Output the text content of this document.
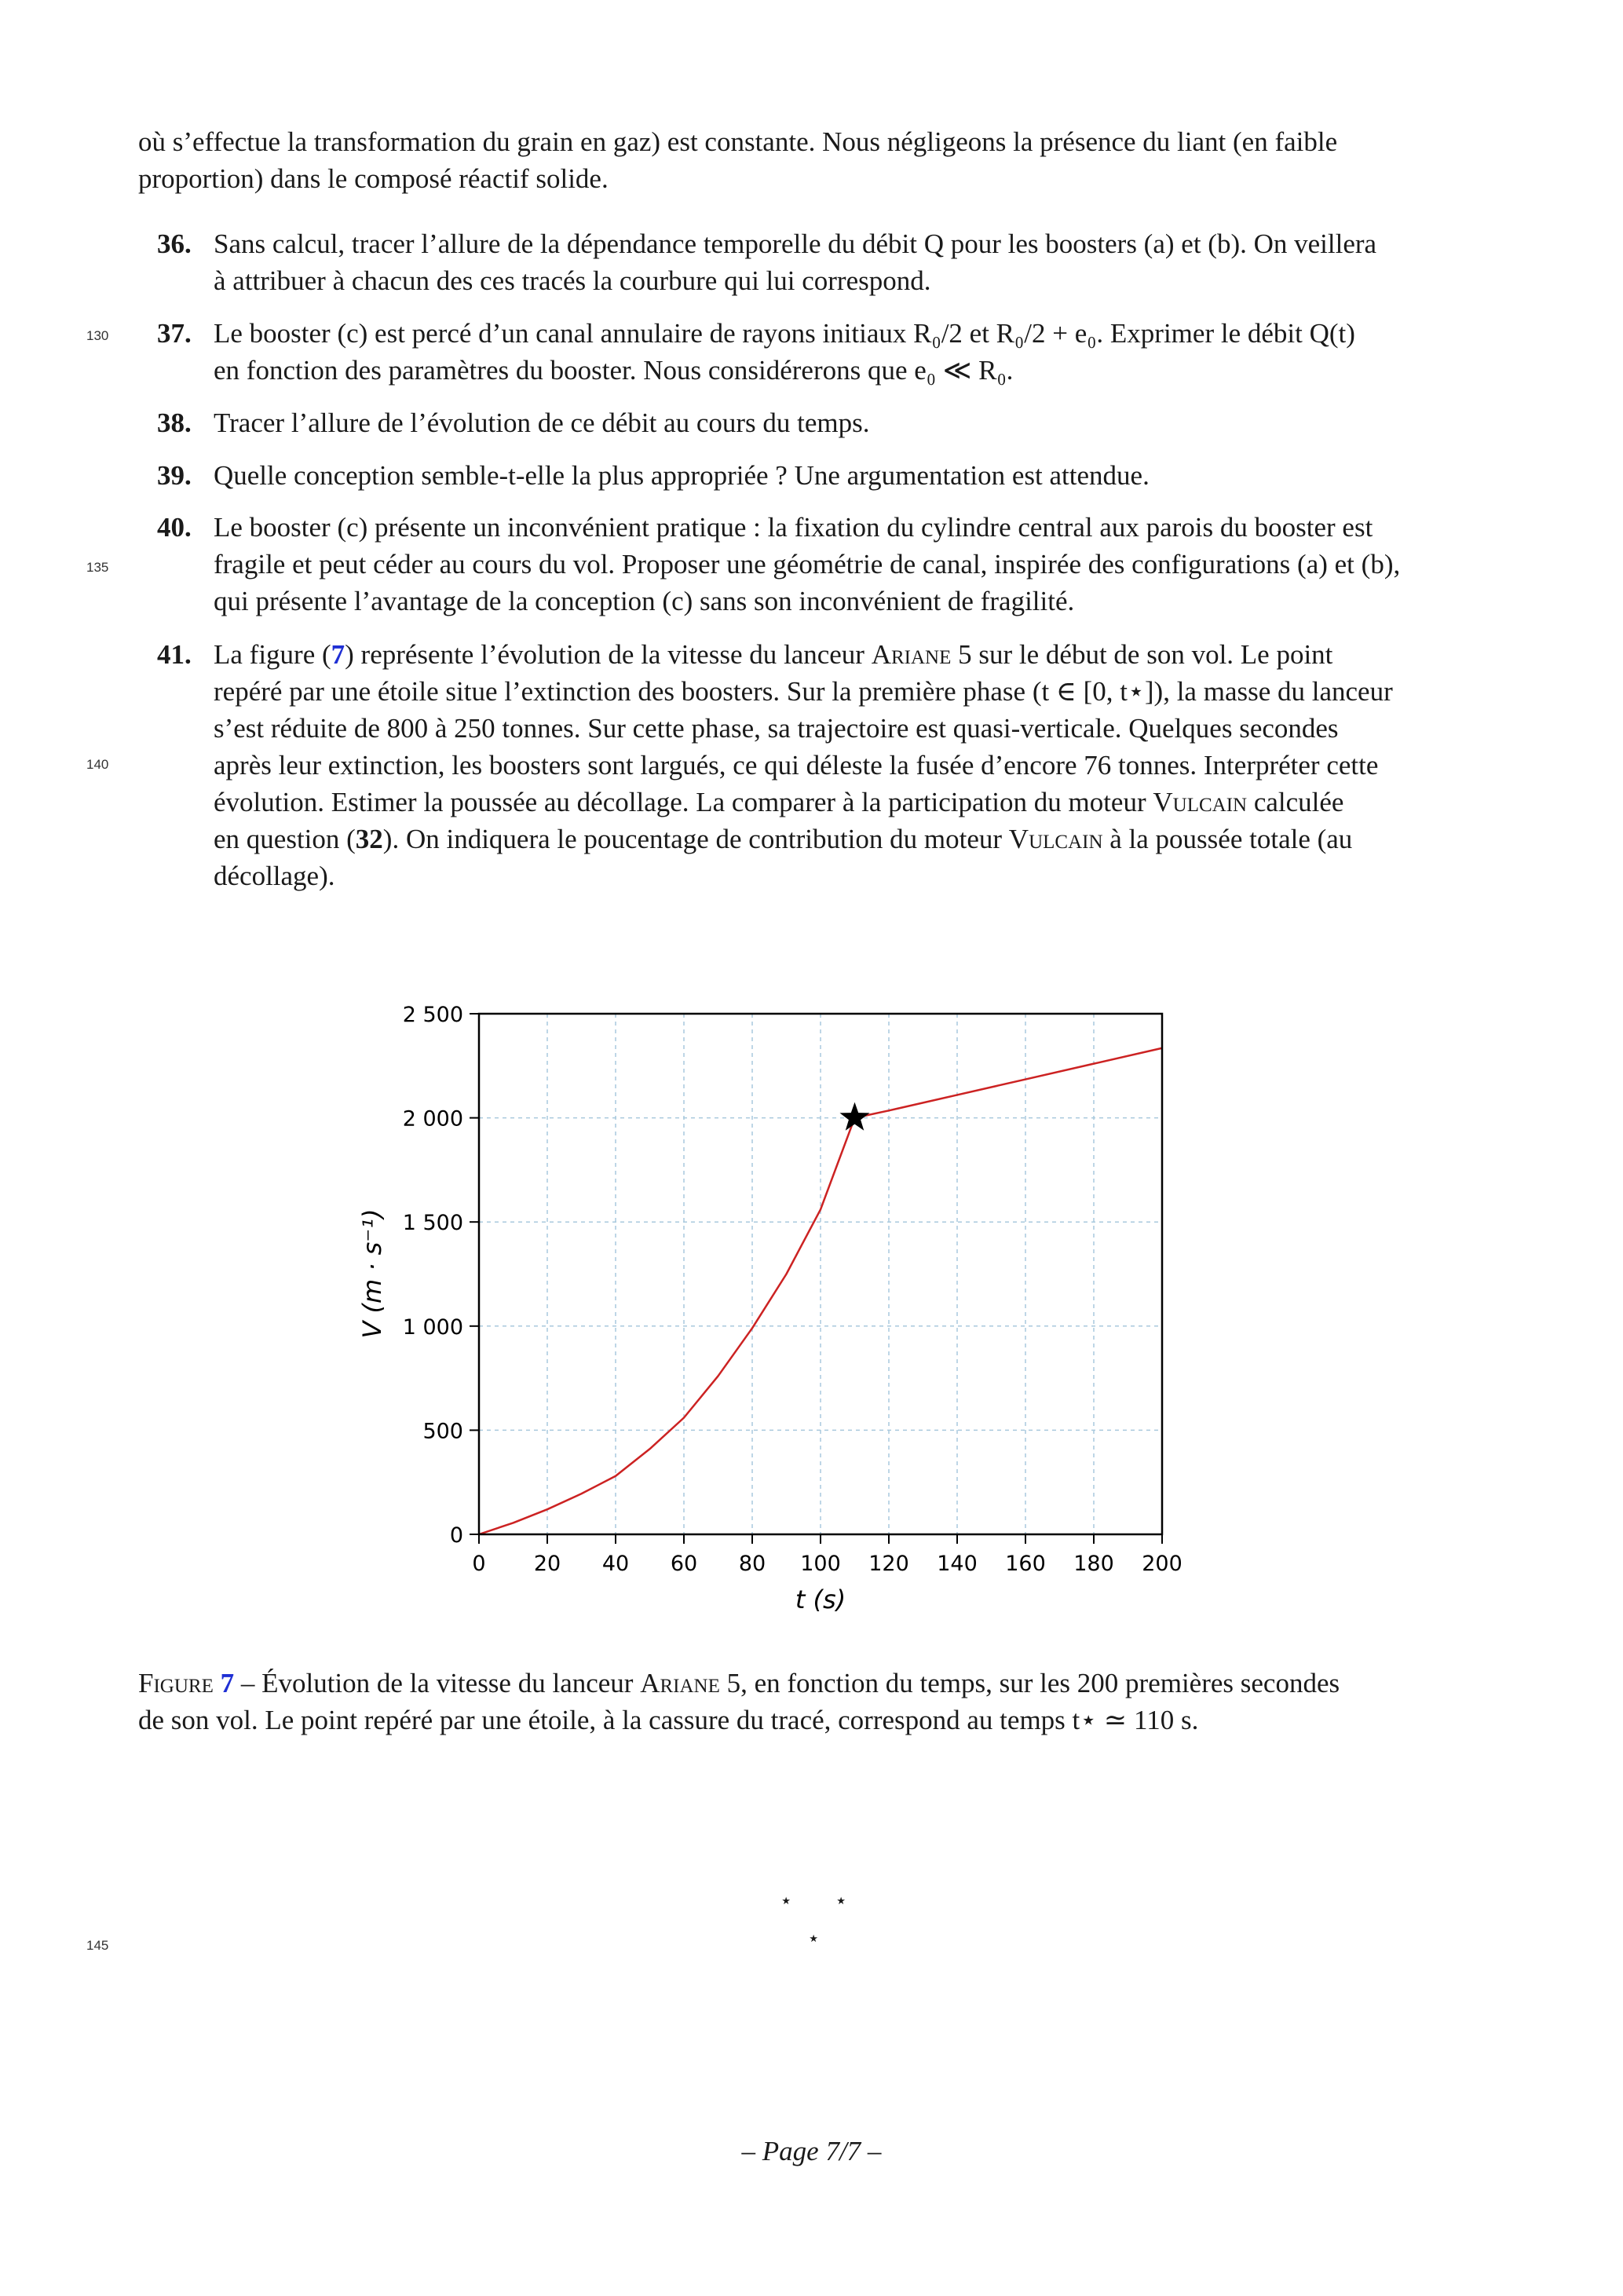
où s’effectue la transformation du grain en gaz) est constante. Nous négligeons la présence du liant (en faible
proportion) dans le composé réactif solide.
130
135
140
145
36. Sans calcul, tracer l’allure de la dépendance temporelle du débit Q pour les boosters (a) et (b). On veillera
à attribuer à chacun des ces tracés la courbure qui lui correspond.
37. Le booster (c) est percé d’un canal annulaire de rayons initiaux R₀/2 et R₀/2 + e₀. Exprimer le débit Q(t)
en fonction des paramètres du booster. Nous considérerons que e₀ ≪ R₀.
38. Tracer l’allure de l’évolution de ce débit au cours du temps.
39. Quelle conception semble-t-elle la plus appropriée ? Une argumentation est attendue.
40. Le booster (c) présente un inconvénient pratique : la fixation du cylindre central aux parois du booster est
fragile et peut céder au cours du vol. Proposer une géométrie de canal, inspirée des configurations (a) et (b),
qui présente l’avantage de la conception (c) sans son inconvénient de fragilité.
41. La figure (7) représente l’évolution de la vitesse du lanceur Ariane 5 sur le début de son vol. Le point
repéré par une étoile situe l’extinction des boosters. Sur la première phase (t ∈ [0, t⋆]), la masse du lanceur
s’est réduite de 800 à 250 tonnes. Sur cette phase, sa trajectoire est quasi-verticale. Quelques secondes
après leur extinction, les boosters sont largués, ce qui déleste la fusée d’encore 76 tonnes. Interpréter cette
évolution. Estimer la poussée au décollage. La comparer à la participation du moteur Vulcain calculée
en question (32). On indiquera le poucentage de contribution du moteur Vulcain à la poussée totale (au
décollage).
0 20 40 60 80 100 120 140 160 180 200
0
500
1 000
1 500
2 000
2 500
t (s)
V (m · s⁻¹)
Figure 7 – Évolution de la vitesse du lanceur Ariane 5, en fonction du temps, sur les 200 premières secondes
de son vol. Le point repéré par une étoile, à la cassure du tracé, correspond au temps t⋆ ≃ 110 s.
⋆ ⋆
⋆
– Page 7/7 –
